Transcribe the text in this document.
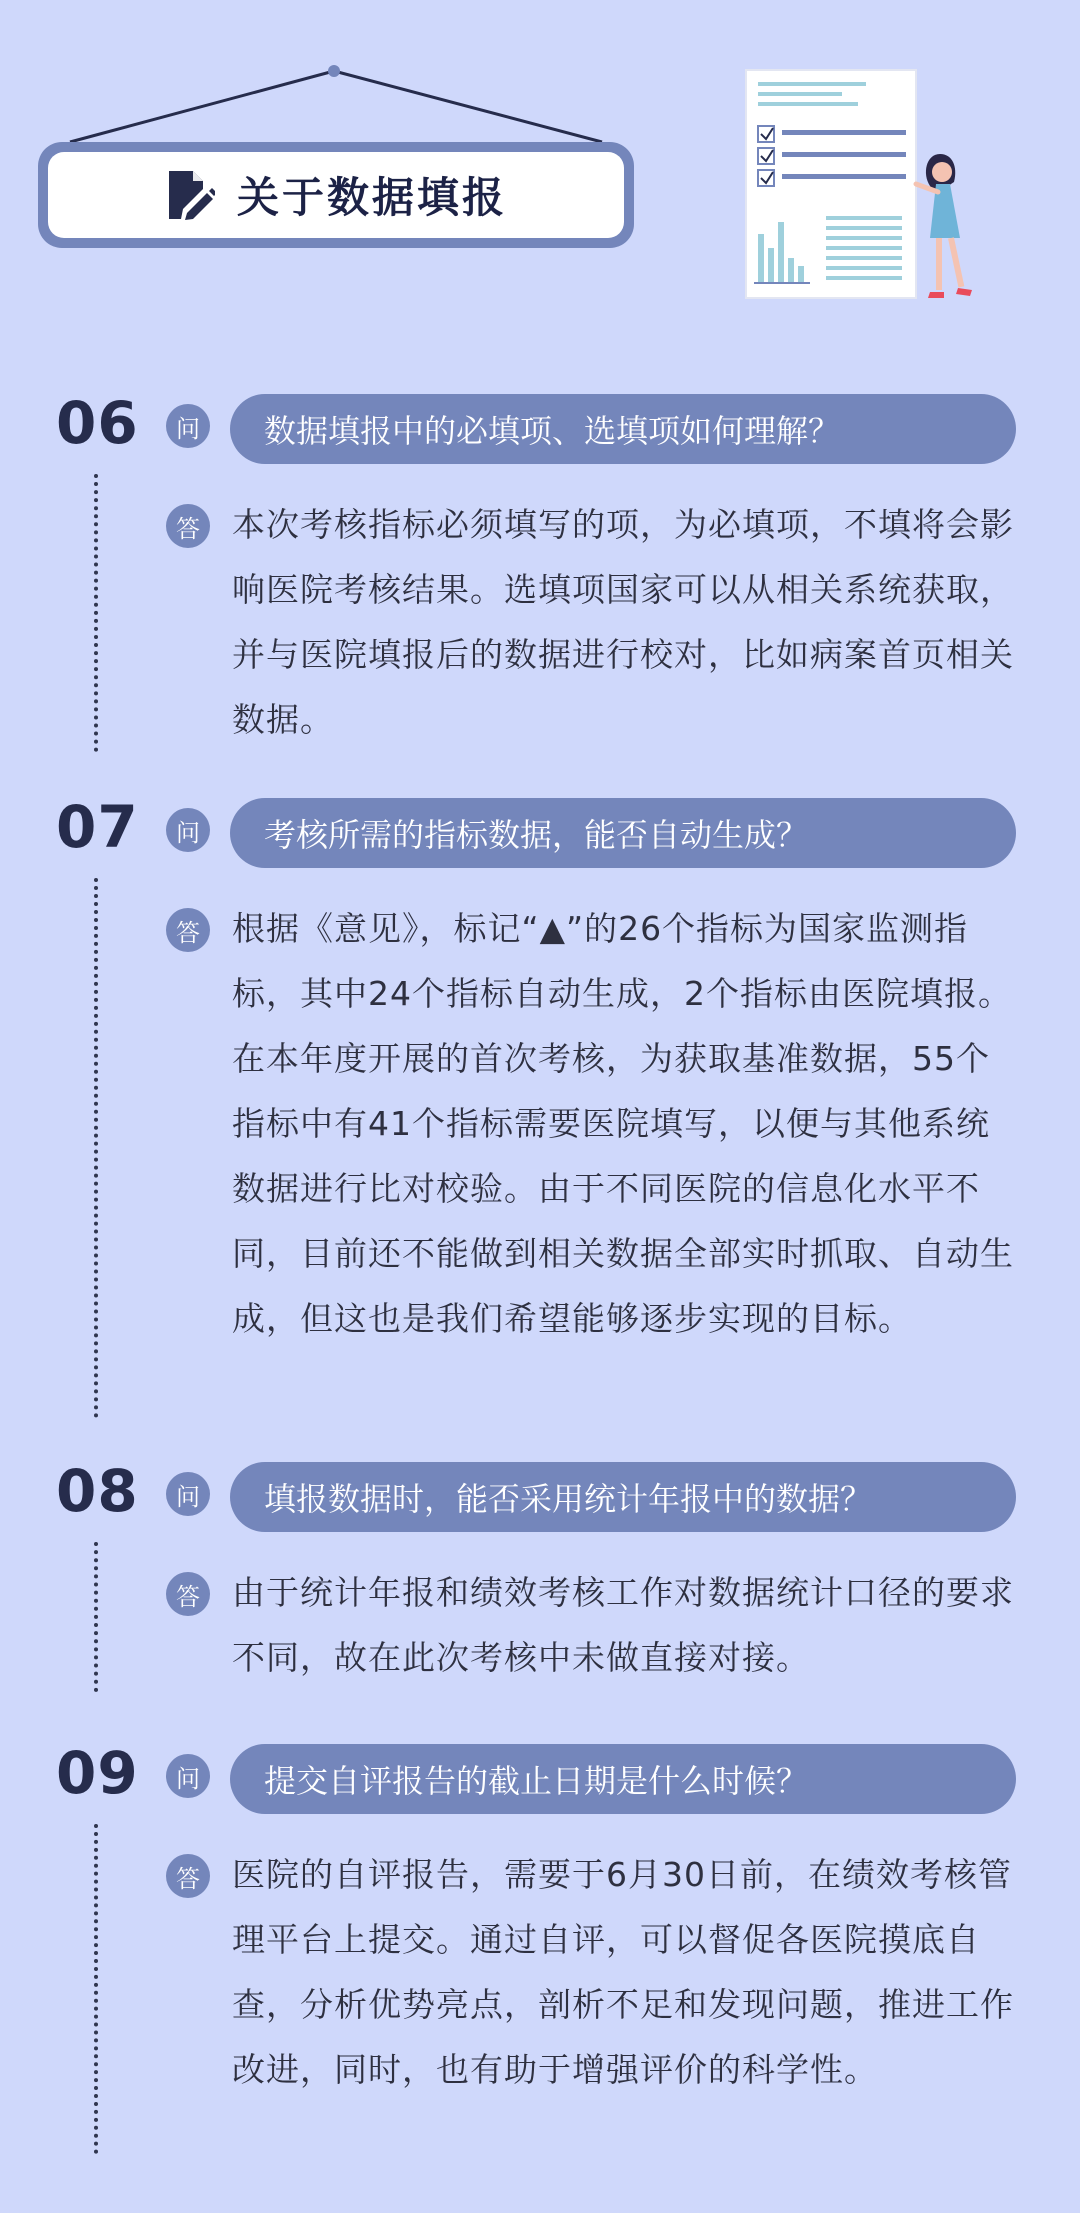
关于数据填报
06	问	数据填报中的必填项、选填项如何理解？
答 本次考核指标必须填写的项，为必填项，不填将会影响医院考核结果。选填项国家可以从相关系统获取，并与医院填报后的数据进行校对，比如病案首页相关数据。

07	问	考核所需的指标数据，能否自动生成？
答 根据《意见》，标记“▲”的26个指标为国家监测指标，其中24个指标自动生成，2个指标由医院填报。在本年度开展的首次考核，为获取基准数据，55个指标中有41个指标需要医院填写，以便与其他系统数据进行比对校验。由于不同医院的信息化水平不同，目前还不能做到相关数据全部实时抓取、自动生成，但这也是我们希望能够逐步实现的目标。

08	问	填报数据时，能否采用统计年报中的数据？
答 由于统计年报和绩效考核工作对数据统计口径的要求不同，故在此次考核中未做直接对接。

09	问	提交自评报告的截止日期是什么时候？
答 医院的自评报告，需要于6月30日前，在绩效考核管理平台上提交。通过自评，可以督促各医院摸底自查，分析优势亮点，剖析不足和发现问题，推进工作改进，同时，也有助于增强评价的科学性。
